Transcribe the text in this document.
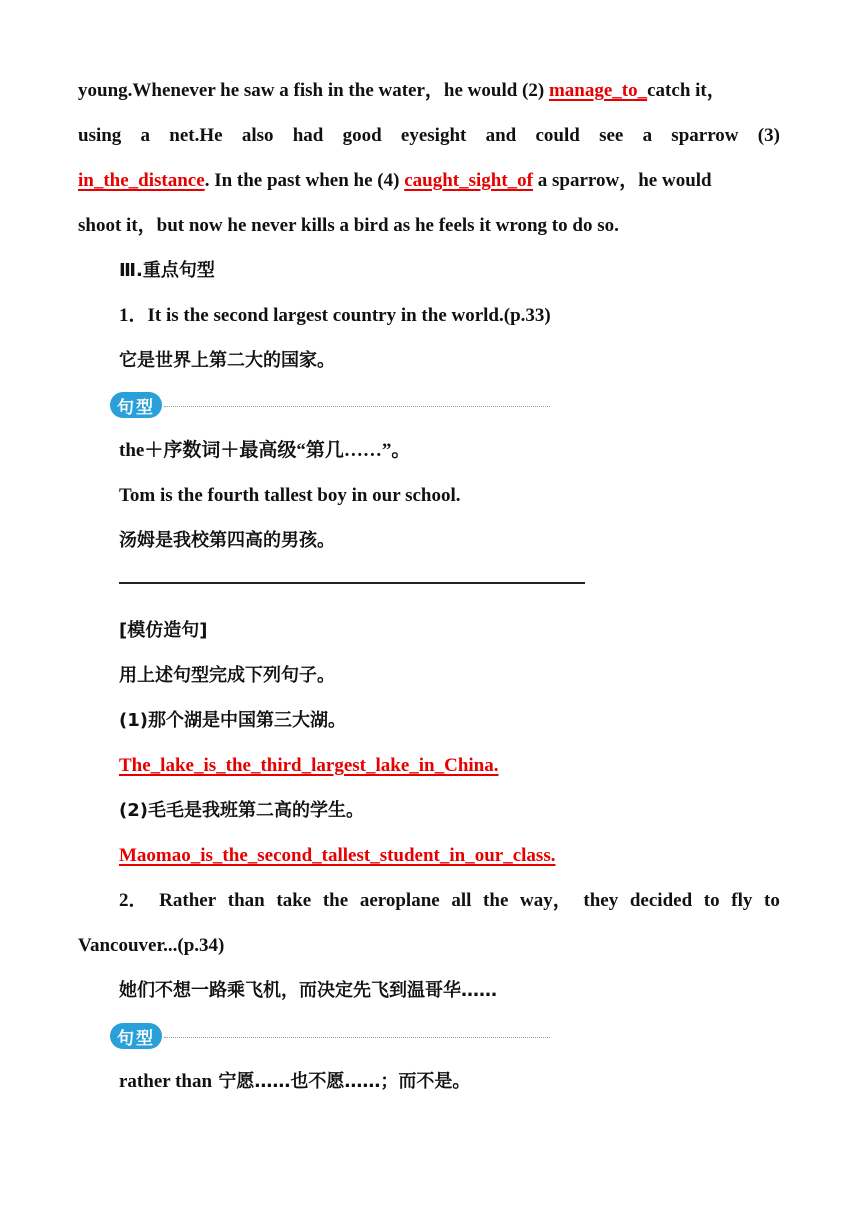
young.Whenever he saw a fish in the water，he would (2) manage_to_catch it，
using a net.He also had good eyesight and could see a sparrow (3)
in_the_distance. In the past when he (4) caught_sight_of a sparrow，he would
shoot it，but now he never kills a bird as he feels it wrong to do so.
Ⅲ.重点句型
1．It is the second largest country in the world.(p.33)
它是世界上第二大的国家。
句型
the＋序数词＋最高级“第几……”。
Tom is the fourth tallest boy in our school.
汤姆是我校第四高的男孩。
[模仿造句]
用上述句型完成下列句子。
(1)那个湖是中国第三大湖。
The_lake_is_the_third_largest_lake_in_China.
(2)毛毛是我班第二高的学生。
Maomao_is_the_second_tallest_student_in_our_class.
2． Rather than take the aeroplane all the way， they decided to fly to
Vancouver...(p.34)
她们不想一路乘飞机，而决定先飞到温哥华……
句型
rather than 宁愿……也不愿……；而不是。
